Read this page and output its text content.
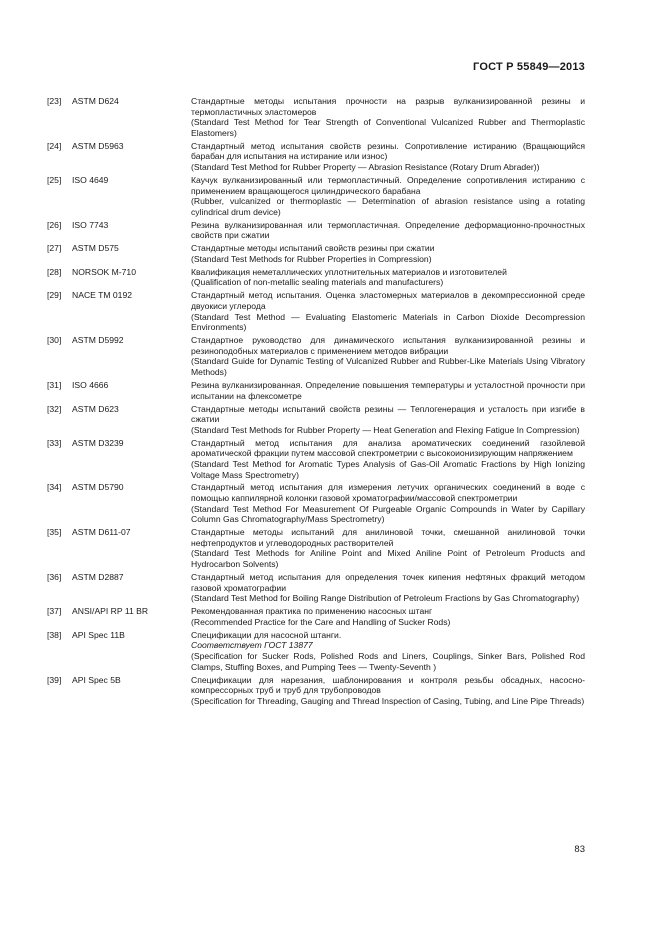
ГОСТ Р 55849—2013
[23]	ASTM D624	Стандартные методы испытания прочности на разрыв вулканизированной резины и термопластичных эластомеров
(Standard Test Method for Tear Strength of Conventional Vulcanized Rubber and Thermoplastic Elastomers)
[24]	ASTM D5963	Стандартный метод испытания свойств резины. Сопротивление истиранию (Вращающийся барабан для испытания на истирание или износ)
(Standard Test Method for Rubber Property — Abrasion Resistance (Rotary Drum Abrader))
[25]	ISO 4649	Каучук вулканизированный или термопластичный. Определение сопротивления истиранию с применением вращающегося цилиндрического барабана
(Rubber, vulcanized or thermoplastic — Determination of abrasion resistance using a rotating cylindrical drum device)
[26]	ISO 7743	Резина вулканизированная или термопластичная. Определение деформационно-прочностных свойств при сжатии
[27]	ASTM D575	Стандартные методы испытаний свойств резины при сжатии
(Standard Test Methods for Rubber Properties in Compression)
[28]	NORSOK M-710	Квалификация неметаллических уплотнительных материалов и изготовителей
(Qualification of non-metallic sealing materials and manufacturers)
[29]	NACE TM 0192	Стандартный метод испытания. Оценка эластомерных материалов в декомпрессионной среде двуокиси углерода
(Standard Test Method — Evaluating Elastomeric Materials in Carbon Dioxide Decompression Environments)
[30]	ASTM D5992	Стандартное руководство для динамического испытания вулканизированной резины и резиноподобных материалов с применением методов вибрации
(Standard Guide for Dynamic Testing of Vulcanized Rubber and Rubber-Like Materials Using Vibratory Methods)
[31]	ISO 4666	Резина вулканизированная. Определение повышения температуры и усталостной прочности при испытании на флексометре
[32]	ASTM D623	Стандартные методы испытаний свойств резины — Теплогенерация и усталость при изгибе в сжатии
(Standard Test Methods for Rubber Property — Heat Generation and Flexing Fatigue In Compression)
[33]	ASTM D3239	Стандартный метод испытания для анализа ароматических соединений газойлевой ароматической фракции путем массовой спектрометрии с высокоионизирующим напряжением
(Standard Test Method for Aromatic Types Analysis of Gas-Oil Aromatic Fractions by High Ionizing Voltage Mass Spectrometry)
[34]	ASTM D5790	Стандартный метод испытания для измерения летучих органических соединений в воде с помощью каппилярной колонки газовой хроматографии/массовой спектрометрии
(Standard Test Method For Measurement Of Purgeable Organic Compounds in Water by Capillary Column Gas Chromatography/Mass Spectrometry)
[35]	ASTM D611-07	Стандартные методы испытаний для анилиновой точки, смешанной анилиновой точки нефтепродуктов и углеводородных растворителей
(Standard Test Methods for Aniline Point and Mixed Aniline Point of Petroleum Products and Hydrocarbon Solvents)
[36]	ASTM D2887	Стандартный метод испытания для определения точек кипения нефтяных фракций методом газовой хроматографии
(Standard Test Method for Boiling Range Distribution of Petroleum Fractions by Gas Chromatography)
[37]	ANSI/API RP 11 BR	Рекомендованная практика по применению насосных штанг
(Recommended Practice for the Care and Handling of Sucker Rods)
[38]	API Spec 11B	Спецификации для насосной штанги.
Соответствует ГОСТ 13877
(Specification for Sucker Rods, Polished Rods and Liners, Couplings, Sinker Bars, Polished Rod Clamps, Stuffing Boxes, and Pumping Tees — Twenty-Seventh )
[39]	API Spec 5B	Спецификации для нарезания, шаблонирования и контроля резьбы обсадных, насосно-компрессорных труб и труб для трубопроводов
(Specification for Threading, Gauging and Thread Inspection of Casing, Tubing, and Line Pipe Threads)
83
